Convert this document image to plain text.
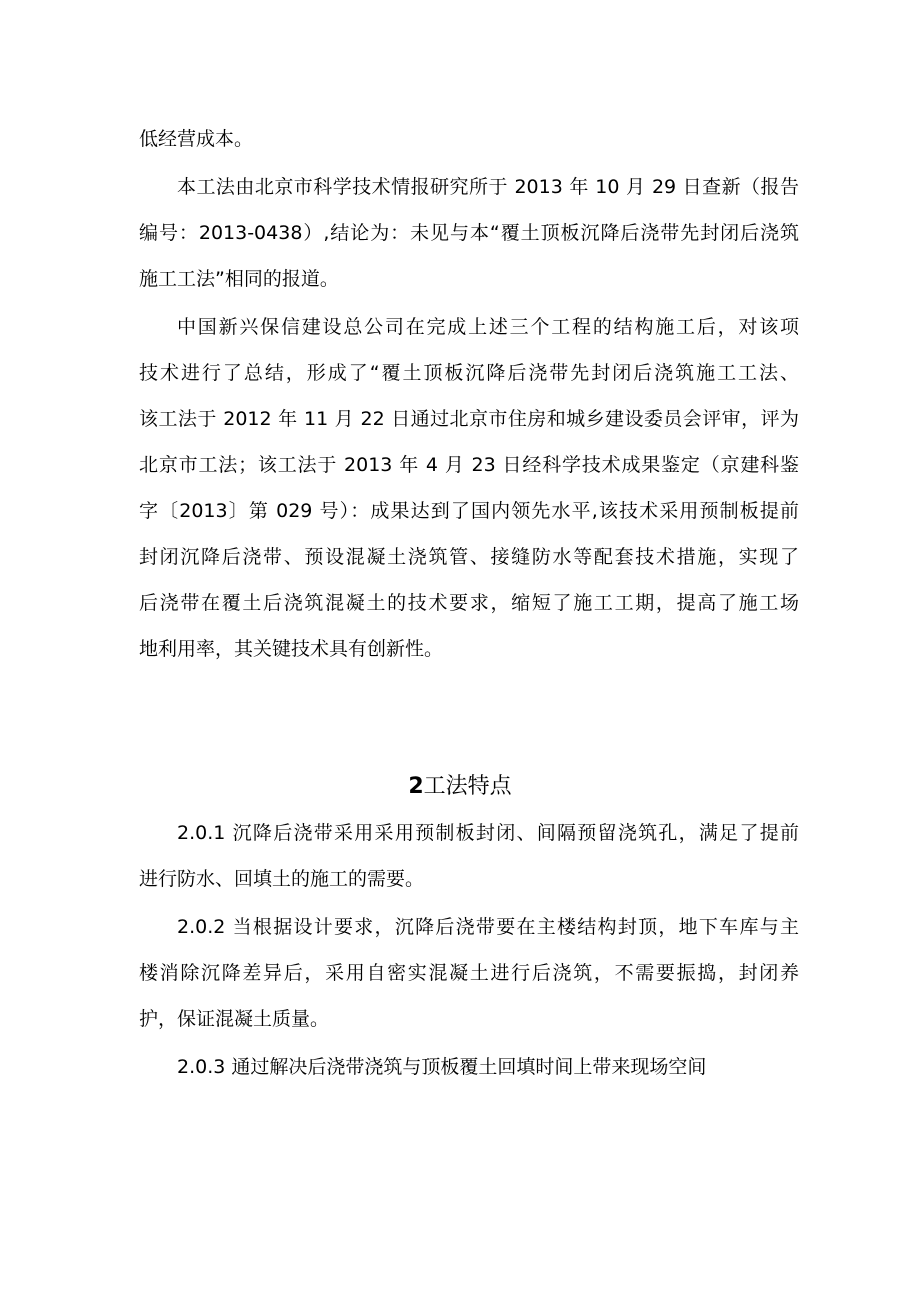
低经营成本。
本工法由北京市科学技术情报研究所于 2013 年 10 月 29 日查新（报告
编号：2013-0438）,结论为：未见与本“覆土顶板沉降后浇带先封闭后浇筑
施工工法”相同的报道。
中国新兴保信建设总公司在完成上述三个工程的结构施工后，对该项
技术进行了总结，形成了“覆土顶板沉降后浇带先封闭后浇筑施工工法、
该工法于 2012 年 11 月 22 日通过北京市住房和城乡建设委员会评审，评为
北京市工法；该工法于 2013 年 4 月 23 日经科学技术成果鉴定（京建科鉴
字〔2013〕第 029 号）：成果达到了国内领先水平,该技术采用预制板提前
封闭沉降后浇带、预设混凝土浇筑管、接缝防水等配套技术措施，实现了
后浇带在覆土后浇筑混凝土的技术要求，缩短了施工工期，提高了施工场
地利用率，其关键技术具有创新性。
2工法特点
2.0.1 沉降后浇带采用采用预制板封闭、间隔预留浇筑孔，满足了提前
进行防水、回填土的施工的需要。
2.0.2 当根据设计要求，沉降后浇带要在主楼结构封顶，地下车库与主
楼消除沉降差异后，采用自密实混凝土进行后浇筑，不需要振捣，封闭养
护，保证混凝土质量。
2.0.3 通过解决后浇带浇筑与顶板覆土回填时间上带来现场空间
